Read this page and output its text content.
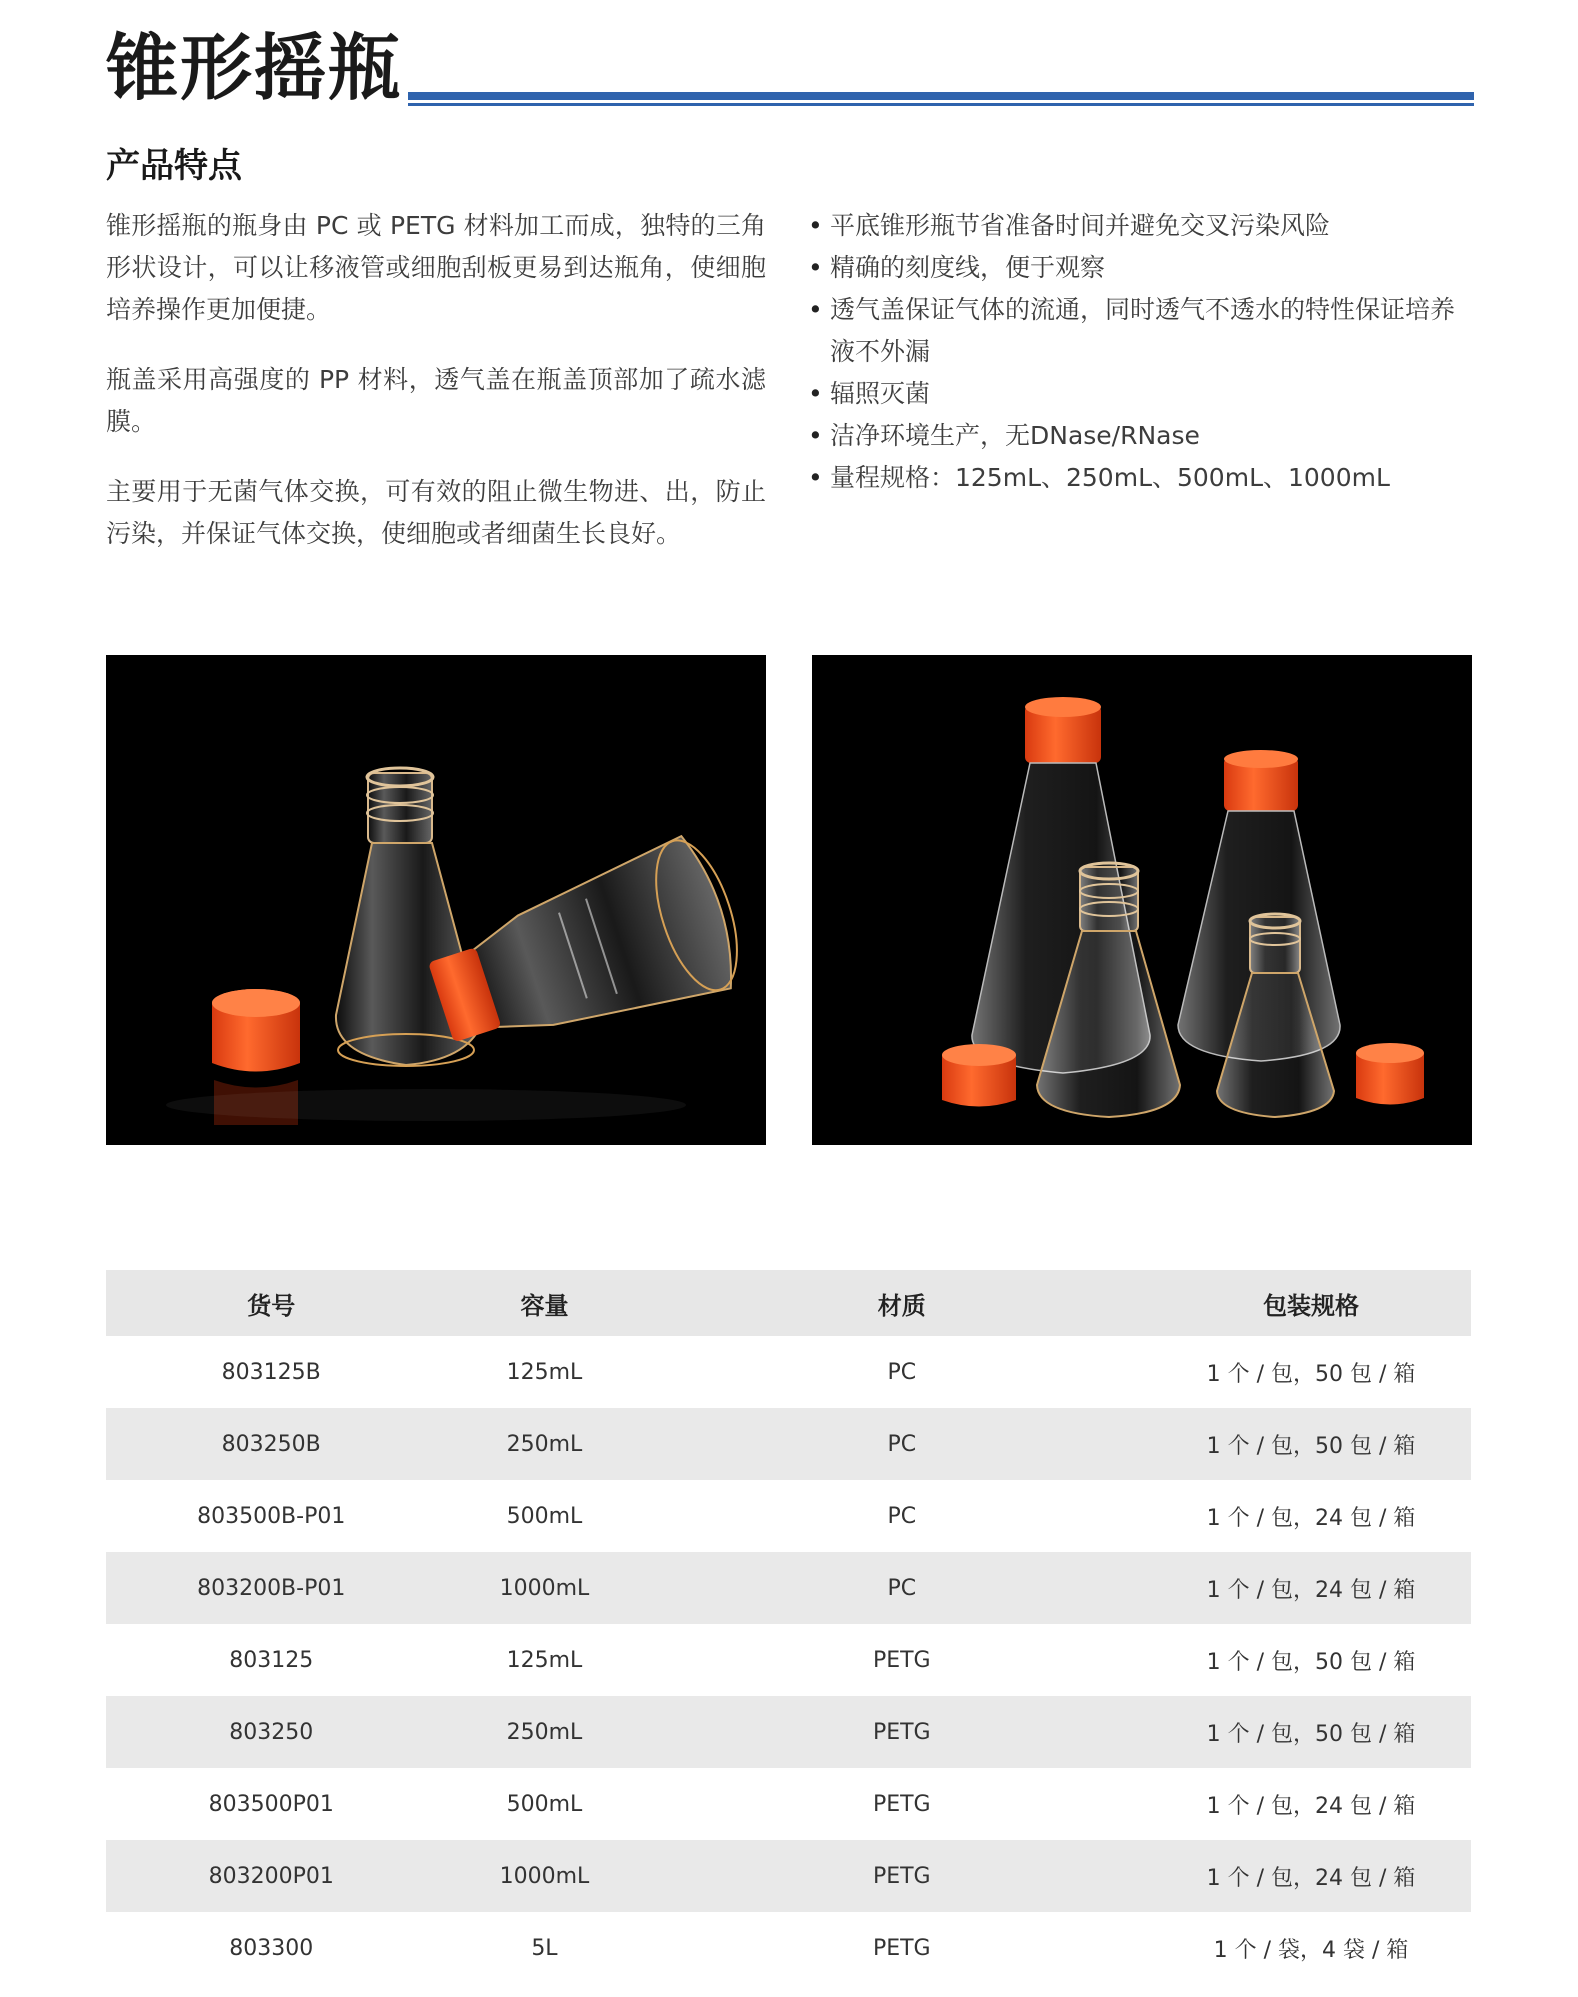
锥形摇瓶
产品特点

锥形摇瓶的瓶身由 PC 或 PETG 材料加工而成，独特的三角形状设计，可以让移液管或细胞刮板更易到达瓶角，使细胞培养操作更加便捷。

瓶盖采用高强度的 PP 材料，透气盖在瓶盖顶部加了疏水滤膜。

主要用于无菌气体交换，可有效的阻止微生物进、出，防止污染，并保证气体交换，使细胞或者细菌生长良好。

• 平底锥形瓶节省准备时间并避免交叉污染风险
• 精确的刻度线，便于观察
• 透气盖保证气体的流通，同时透气不透水的特性保证培养液不外漏
• 辐照灭菌
• 洁净环境生产，无DNase/RNase
• 量程规格：125mL、250mL、500mL、1000mL
货号	容量	材质	包装规格
803125B	125mL	PC	1 个 / 包，50 包 / 箱
803250B	250mL	PC	1 个 / 包，50 包 / 箱
803500B-P01	500mL	PC	1 个 / 包，24 包 / 箱
803200B-P01	1000mL	PC	1 个 / 包，24 包 / 箱
803125	125mL	PETG	1 个 / 包，50 包 / 箱
803250	250mL	PETG	1 个 / 包，50 包 / 箱
803500P01	500mL	PETG	1 个 / 包，24 包 / 箱
803200P01	1000mL	PETG	1 个 / 包，24 包 / 箱
803300	5L	PETG	1 个 / 袋，4 袋 / 箱
